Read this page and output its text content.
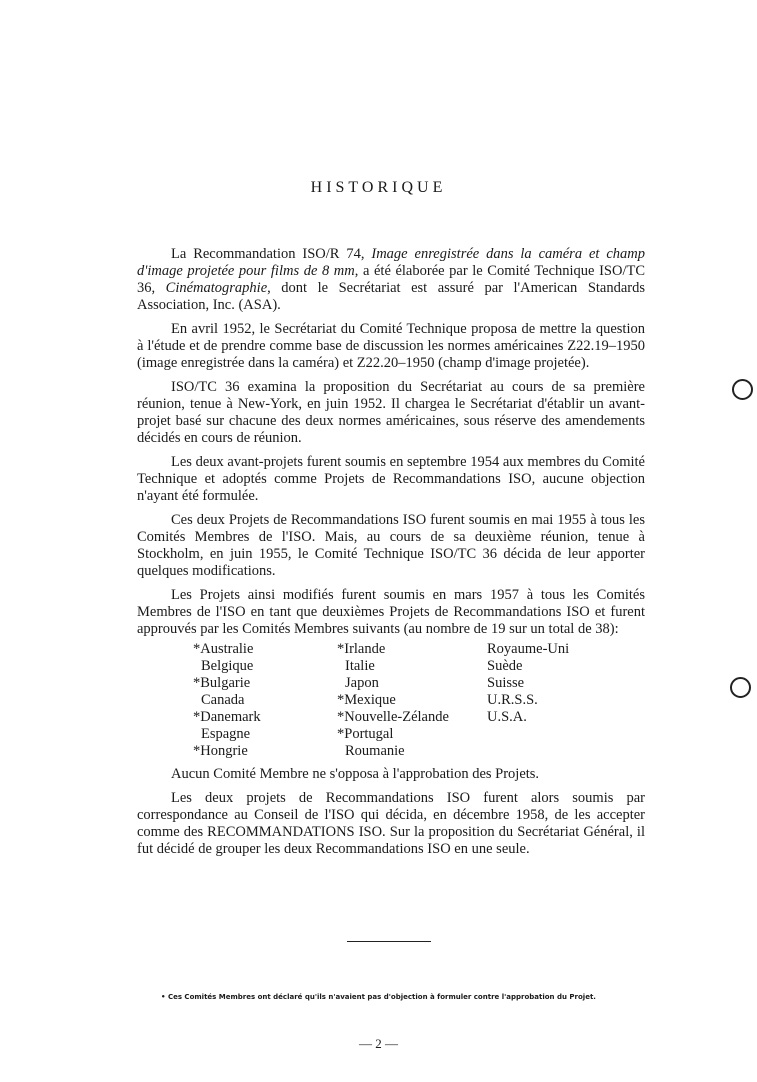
HISTORIQUE

La Recommandation ISO/R 74, Image enregistrée dans la caméra et champ d'image projetée pour films de 8 mm, a été élaborée par le Comité Technique ISO/TC 36, Cinématographie, dont le Secrétariat est assuré par l'American Standards Association, Inc. (ASA).

En avril 1952, le Secrétariat du Comité Technique proposa de mettre la question à l'étude et de prendre comme base de discussion les normes américaines Z22.19–1950 (image enregistrée dans la caméra) et Z22.20–1950 (champ d'image projetée).

ISO/TC 36 examina la proposition du Secrétariat au cours de sa première réunion, tenue à New-York, en juin 1952. Il chargea le Secrétariat d'établir un avant-projet basé sur chacune des deux normes américaines, sous réserve des amendements décidés en cours de réunion.

Les deux avant-projets furent soumis en septembre 1954 aux membres du Comité Technique et adoptés comme Projets de Recommandations ISO, aucune objection n'ayant été formulée.

Ces deux Projets de Recommandations ISO furent soumis en mai 1955 à tous les Comités Membres de l'ISO. Mais, au cours de sa deuxième réunion, tenue à Stockholm, en juin 1955, le Comité Technique ISO/TC 36 décida de leur apporter quelques modifications.

Les Projets ainsi modifiés furent soumis en mars 1957 à tous les Comités Membres de l'ISO en tant que deuxièmes Projets de Recommandations ISO et furent approuvés par les Comités Membres suivants (au nombre de 19 sur un total de 38):

*Australie
Belgique
*Bulgarie
Canada
*Danemark
Espagne
*Hongrie
*Irlande
Italie
Japon
*Mexique
*Nouvelle-Zélande
*Portugal
Roumanie
Royaume-Uni
Suède
Suisse
U.R.S.S.
U.S.A.

Aucun Comité Membre ne s'opposa à l'approbation des Projets.

Les deux projets de Recommandations ISO furent alors soumis par correspondance au Conseil de l'ISO qui décida, en décembre 1958, de les accepter comme des RECOMMANDATIONS ISO. Sur la proposition du Secrétariat Général, il fut décidé de grouper les deux Recommandations ISO en une seule.

• Ces Comités Membres ont déclaré qu'ils n'avaient pas d'objection à formuler contre l'approbation du Projet.
— 2 —
